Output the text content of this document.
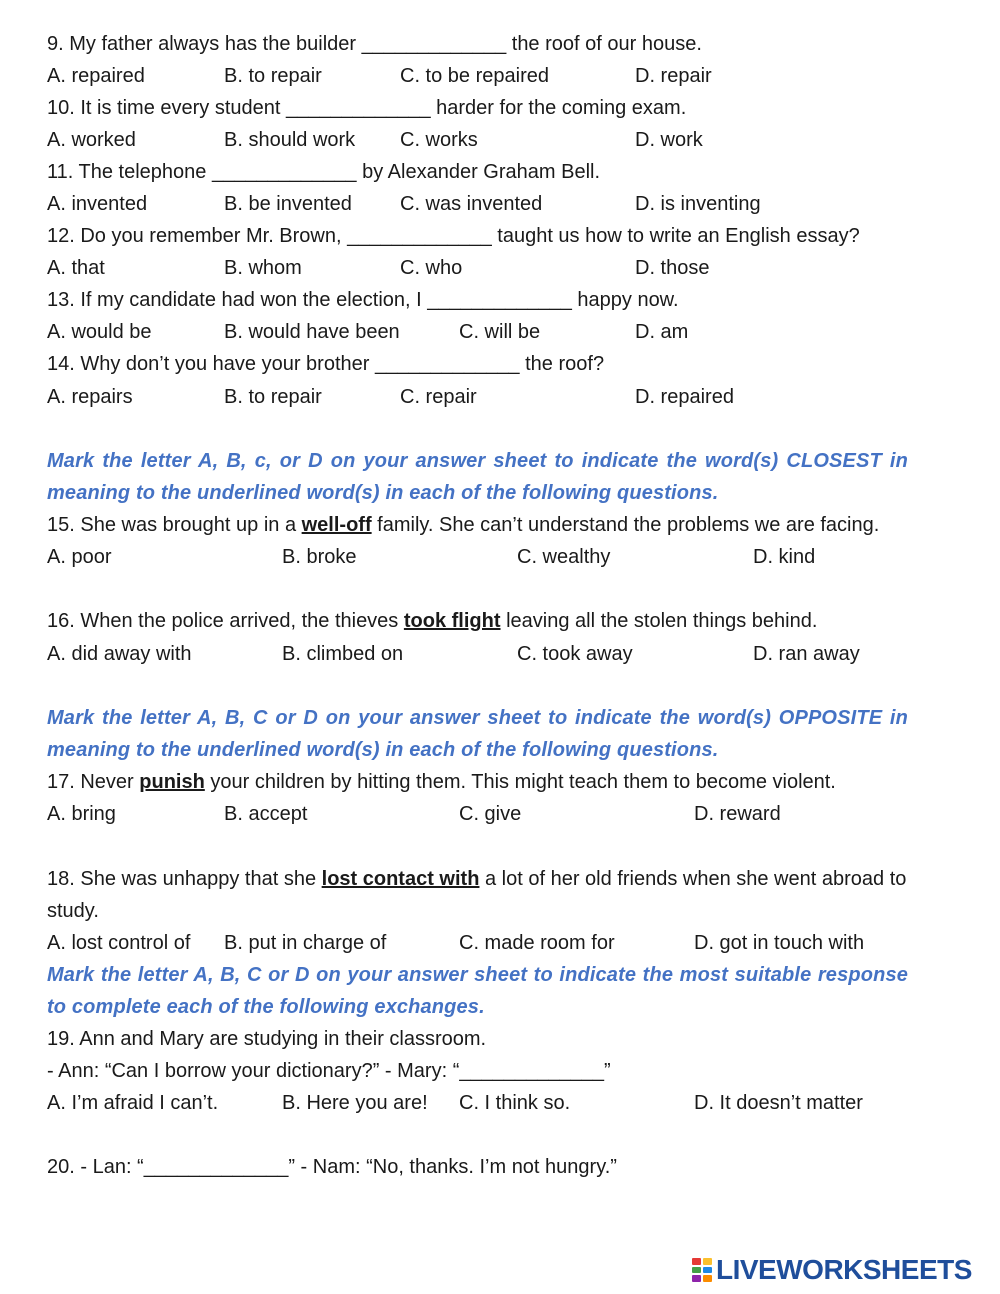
9. My father always has the builder _____________ the roof of our house.
A. repaired	B. to repair	C. to be repaired	D. repair
10. It is time every student _____________ harder for the coming exam.
A. worked	B. should work C. works	D. work
11. The telephone _____________ by Alexander Graham Bell.
A. invented	B. be invented C. was invented	D. is inventing
12. Do you remember Mr. Brown, _____________ taught us how to write an English essay?
A. that	B. whom	C. who	D. those
13. If my candidate had won the election, I _____________ happy now.
A. would be	B. would have been	C. will be	D. am
14. Why don’t you have your brother _____________ the roof?
A. repairs	B. to repair	C. repair	D. repaired
Mark the letter A, B, c, or D on your answer sheet to indicate the word(s) CLOSEST in meaning to the underlined word(s) in each of the following questions.
15. She was brought up in a well-off family. She can’t understand the problems we are facing.
A. poor	B. broke	C. wealthy	D. kind
16. When the police arrived, the thieves took flight leaving all the stolen things behind.
A. did away with	B. climbed on	C. took away	D. ran away
Mark the letter A, B, C or D on your answer sheet to indicate the word(s) OPPOSITE in meaning to the underlined word(s) in each of the following questions.
17. Never punish your children by hitting them. This might teach them to become violent.
A. bring	B. accept	C. give	D. reward
18. She was unhappy that she lost contact with a lot of her old friends when she went abroad to study.
A. lost control of B. put in charge of	C. made room for	D. got in touch with
Mark the letter A, B, C or D on your answer sheet to indicate the most suitable response to complete each of the following exchanges.
19. Ann and Mary are studying in their classroom.
- Ann: “Can I borrow your dictionary?” - Mary: “_____________”
A. I’m afraid I can’t.	B. Here you are! C. I think so.	D. It doesn’t matter
20. - Lan: “_____________” - Nam: “No, thanks. I’m not hungry.”
LIVEWORKSHEETS
